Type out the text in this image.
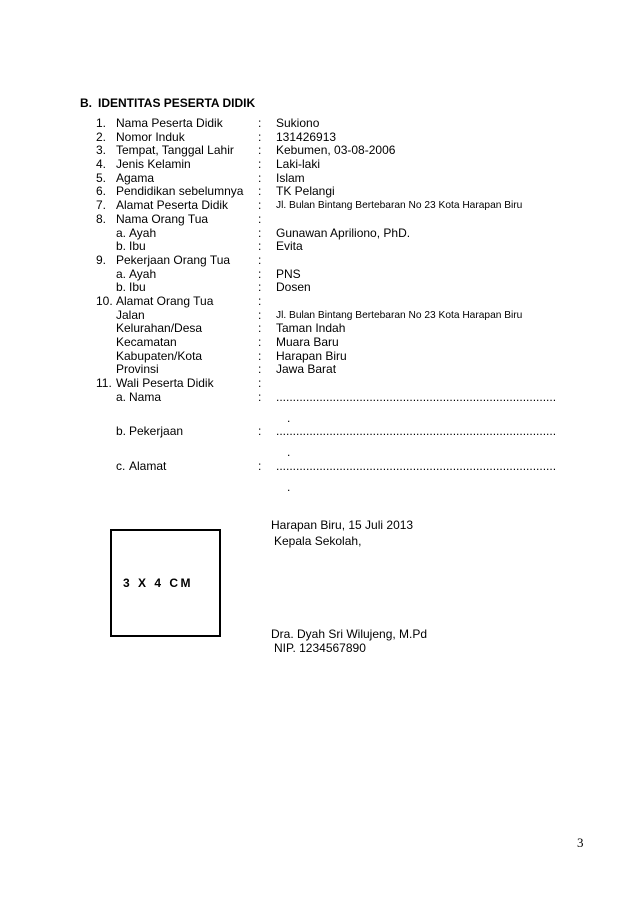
B. IDENTITAS PESERTA DIDIK
1. Nama Peserta Didik	:	Sukiono
2. Nomor Induk	:	131426913
3. Tempat, Tanggal Lahir	:	Kebumen, 03-08-2006
4. Jenis Kelamin	:	Laki-laki
5. Agama	:	Islam
6. Pendidikan sebelumnya	:	TK Pelangi
7. Alamat Peserta Didik	:	Jl. Bulan Bintang Bertebaran No 23 Kota Harapan Biru
8. Nama Orang Tua	:
a. Ayah	:	Gunawan Apriliono, PhD.
b. Ibu	:	Evita
9. Pekerjaan Orang Tua	:
a. Ayah	:	PNS
b. Ibu	:	Dosen
10. Alamat Orang Tua	:
Jalan	:	Jl. Bulan Bintang Bertebaran No 23 Kota Harapan Biru
Kelurahan/Desa	:	Taman Indah
Kecamatan	:	Muara Baru
Kabupaten/Kota	:	Harapan Biru
Provinsi	:	Jawa Barat
11. Wali Peserta Didik	:
a. Nama	:	....................................................................................
.
b. Pekerjaan	:	....................................................................................
.
c. Alamat	:	....................................................................................
.
Harapan Biru, 15 Juli 2013
Kepala Sekolah,
3 X 4 CM
Dra. Dyah Sri Wilujeng, M.Pd
NIP. 1234567890
3
